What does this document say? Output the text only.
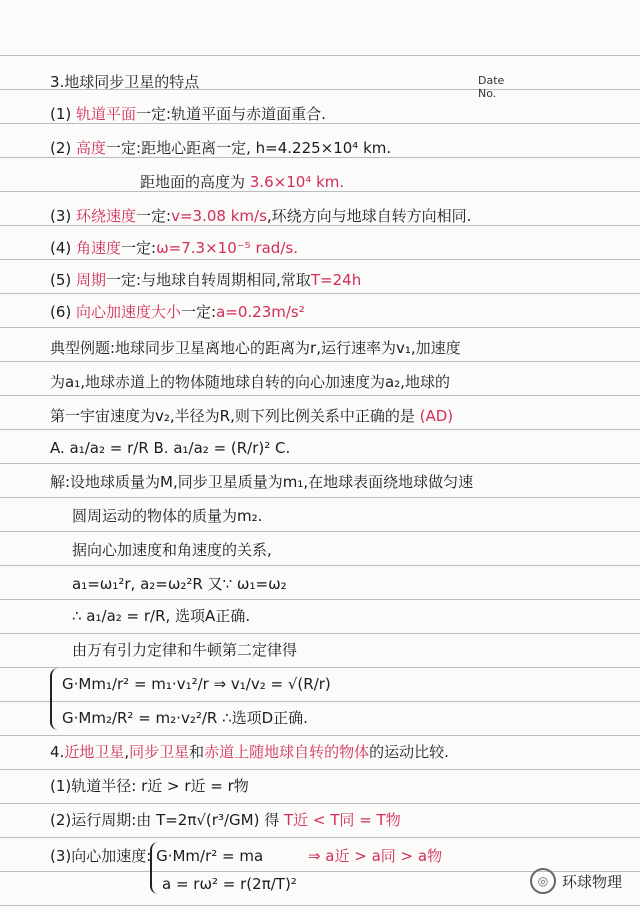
Date No.
3.地球同步卫星的特点
(1) 轨道平面一定:轨道平面与赤道面重合.
(2) 高度一定:距地心距离一定, h=4.225×10⁴ km.
距地面的高度为 3.6×10⁴ km.
(3) 环绕速度一定:v=3.08 km/s,环绕方向与地球自转方向相同.
(4) 角速度一定:ω=7.3×10⁻⁵ rad/s.
(5) 周期一定:与地球自转周期相同,常取T=24h
(6) 向心加速度大小一定:a=0.23m/s²
典型例题:地球同步卫星离地心的距离为r,运行速率为v₁,加速度
为a₁,地球赤道上的物体随地球自转的向心加速度为a₂,地球的
第一宇宙速度为v₂,半径为R,则下列比例关系中正确的是 (AD)
A. a₁/a₂ = r/R B. a₁/a₂ = (R/r)² C.
解:设地球质量为M,同步卫星质量为m₁,在地球表面绕地球做匀速
圆周运动的物体的质量为m₂.
据向心加速度和角速度的关系,
a₁=ω₁²r, a₂=ω₂²R 又∵ ω₁=ω₂
∴ a₁/a₂ = r/R, 选项A正确.
由万有引力定律和牛顿第二定律得
G·Mm₁/r² = m₁·v₁²/r ⇒ v₁/v₂ = √(R/r)
G·Mm₂/R² = m₂·v₂²/R ∴选项D正确.
4.近地卫星,同步卫星和赤道上随地球自转的物体的运动比较.
(1)轨道半径: r近 > r近 = r物
(2)运行周期:由 T=2π√(r³/GM) 得 T近 < T同 = T物
(3)向心加速度: G·Mm/r² = ma	⇒ a近 > a同 > a物
a = rω² = r(2π/T)²	◎ 环球物理
